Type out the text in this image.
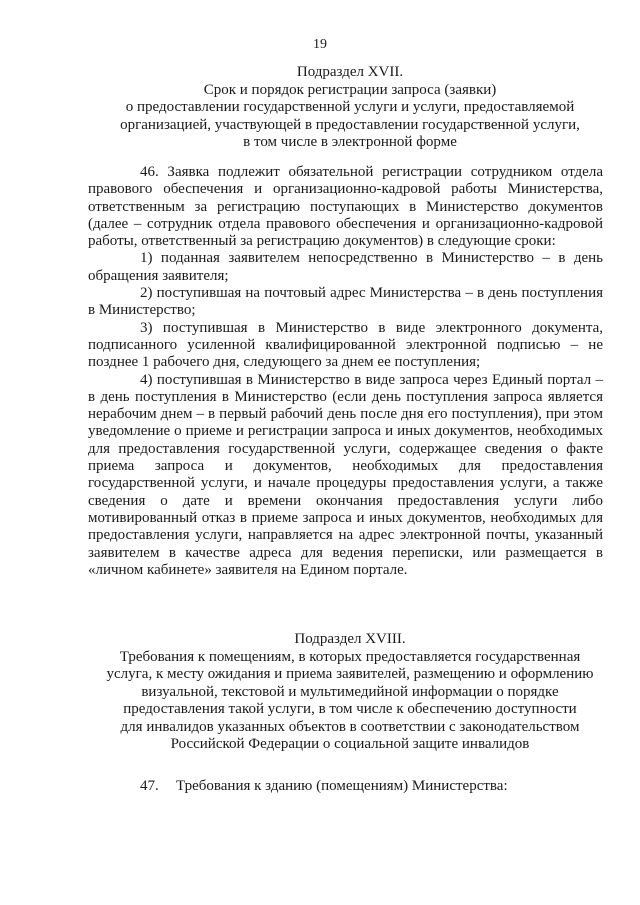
19
Подраздел XVII.
Срок и порядок регистрации запроса (заявки)
о предоставлении государственной услуги и услуги, предоставляемой
организацией, участвующей в предоставлении государственной услуги,
в том числе в электронной форме

46. Заявка подлежит обязательной регистрации сотрудником отдела правового обеспечения и организационно-кадровой работы Министерства, ответственным за регистрацию поступающих в Министерство документов (далее – сотрудник отдела правового обеспечения и организационно-кадровой работы, ответственный за регистрацию документов) в следующие сроки:

1) поданная заявителем непосредственно в Министерство – в день обращения заявителя;

2) поступившая на почтовый адрес Министерства – в день поступления в Министерство;

3) поступившая в Министерство в виде электронного документа, подписанного усиленной квалифицированной электронной подписью – не позднее 1 рабочего дня, следующего за днем ее поступления;

4) поступившая в Министерство в виде запроса через Единый портал – в день поступления в Министерство (если день поступления запроса является нерабочим днем – в первый рабочий день после дня его поступления), при этом уведомление о приеме и регистрации запроса и иных документов, необходимых для предоставления государственной услуги, содержащее сведения о факте приема запроса и документов, необходимых для предоставления государственной услуги, и начале процедуры предоставления услуги, а также сведения о дате и времени окончания предоставления услуги либо мотивированный отказ в приеме запроса и иных документов, необходимых для предоставления услуги, направляется на адрес электронной почты, указанный заявителем в качестве адреса для ведения переписки, или размещается в «личном кабинете» заявителя на Едином портале.

Подраздел XVIII.
Требования к помещениям, в которых предоставляется государственная
услуга, к месту ожидания и приема заявителей, размещению и оформлению
визуальной, текстовой и мультимедийной информации о порядке
предоставления такой услуги, в том числе к обеспечению доступности
для инвалидов указанных объектов в соответствии с законодательством
Российской Федерации о социальной защите инвалидов
47. Требования к зданию (помещениям) Министерства:
